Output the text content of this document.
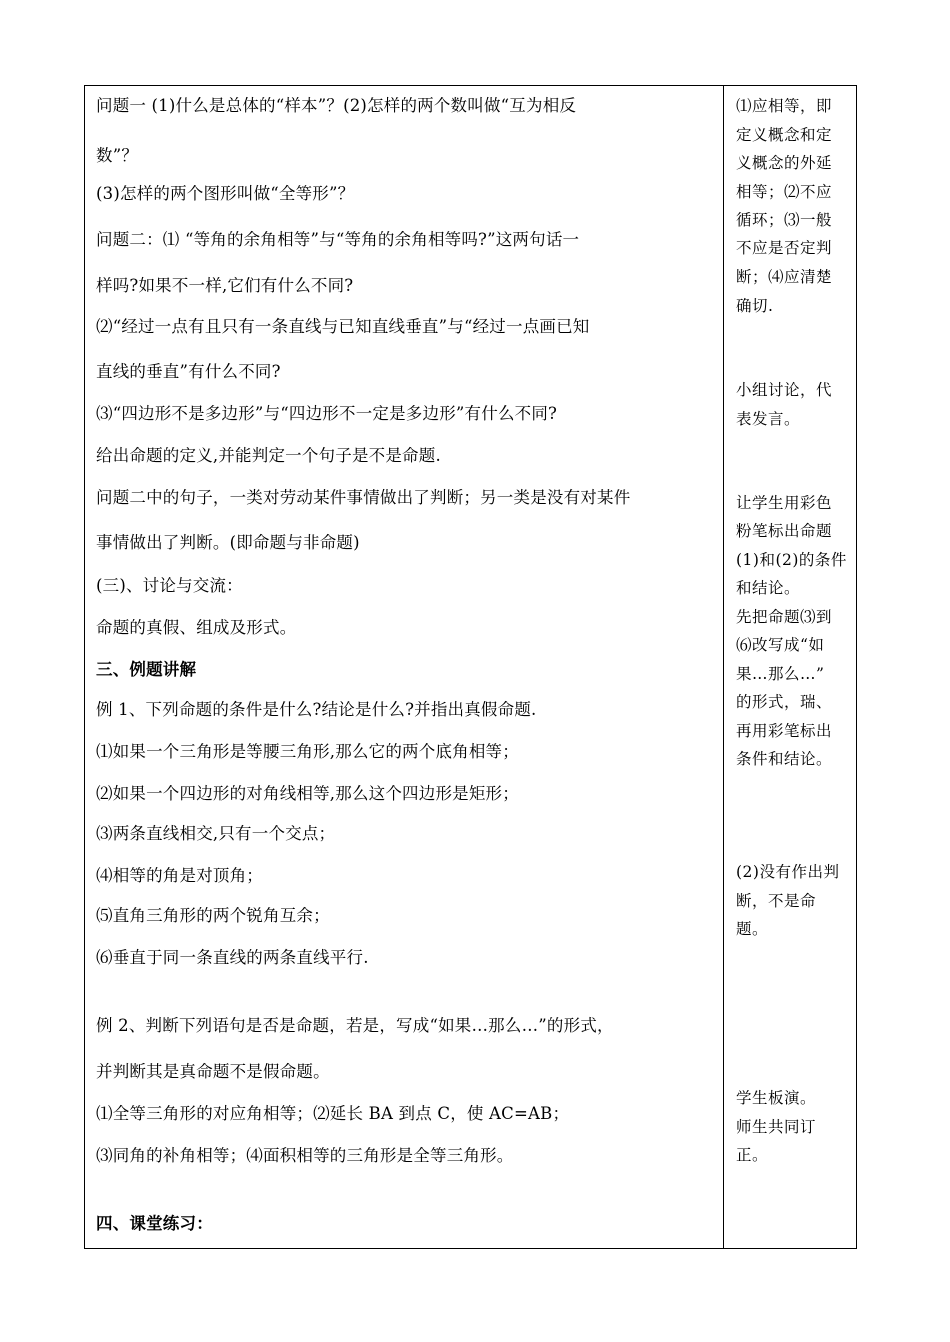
问题一 (1)什么是总体的“样本”？(2)怎样的两个数叫做“互为相反
数”？
(3)怎样的两个图形叫做“全等形”？
问题二：⑴ “等角的余角相等”与“等角的余角相等吗?”这两句话一
样吗?如果不一样,它们有什么不同?
⑵“经过一点有且只有一条直线与已知直线垂直”与“经过一点画已知
直线的垂直”有什么不同?
⑶“四边形不是多边形”与“四边形不一定是多边形”有什么不同?
给出命题的定义,并能判定一个句子是不是命题.
问题二中的句子，一类对劳动某件事情做出了判断；另一类是没有对某件
事情做出了判断。(即命题与非命题)
(三)、讨论与交流：
命题的真假、组成及形式。
三、例题讲解
例 1、下列命题的条件是什么?结论是什么?并指出真假命题.
⑴如果一个三角形是等腰三角形,那么它的两个底角相等；
⑵如果一个四边形的对角线相等,那么这个四边形是矩形；
⑶两条直线相交,只有一个交点；
⑷相等的角是对顶角；
⑸直角三角形的两个锐角互余；
⑹垂直于同一条直线的两条直线平行.
例 2、判断下列语句是否是命题，若是，写成“如果…那么…”的形式，
并判断其是真命题不是假命题。
⑴全等三角形的对应角相等；⑵延长 BA 到点 C，使 AC=AB；
⑶同角的补角相等；⑷面积相等的三角形是全等三角形。
四、课堂练习：
⑴应相等，即
定义概念和定
义概念的外延
相等；⑵不应
循环；⑶一般
不应是否定判
断；⑷应清楚
确切.
小组讨论，代
表发言。
让学生用彩色
粉笔标出命题
(1)和(2)的条件
和结论。
先把命题⑶到
⑹改写成“如
果…那么…”
的形式，瑞、
再用彩笔标出
条件和结论。
(2)没有作出判
断，不是命
题。
学生板演。
师生共同订
正。
